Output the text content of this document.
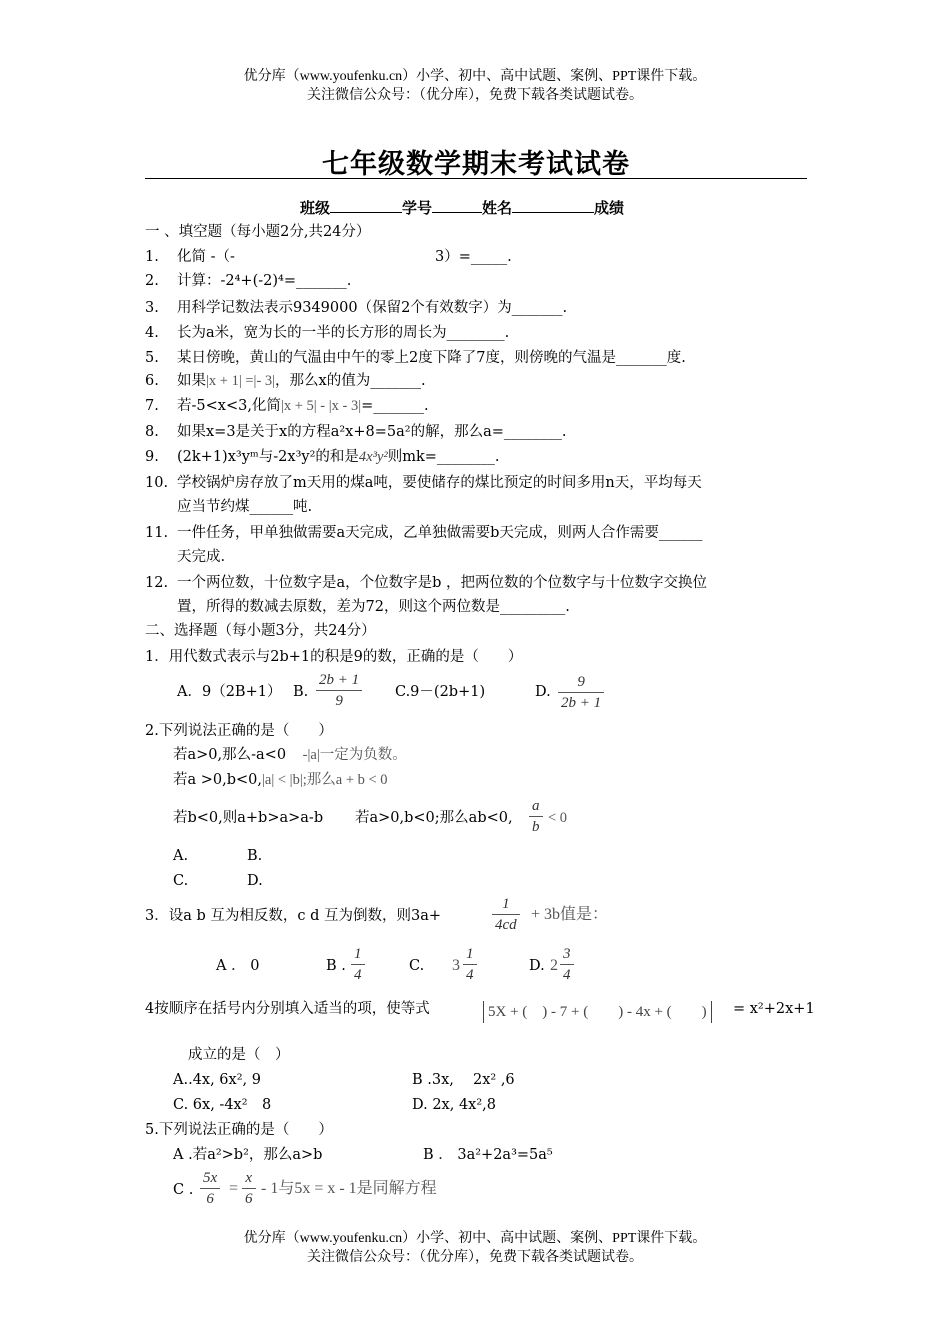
优分库（www.youfenku.cn）小学、初中、高中试题、案例、PPT课件下载。
关注微信公众号：（优分库），免费下载各类试题试卷。
七年级数学期末考试试卷
班级	学号	姓名	成绩
一 、填空题（每小题2分,共24分）
1. 化简 -（-	3）=_____.
2. 计算：-2⁴+(-2)⁴=_______.
3. 用科学记数法表示9349000（保留2个有效数字）为_______.
4. 长为a米，宽为长的一半的长方形的周长为________.
5. 某日傍晚，黄山的气温由中午的零上2度下降了7度，则傍晚的气温是_______度.
6. 如果|x + 1| =|- 3|，那么x的值为_______.
7. 若-5<x<3,化简|x + 5| - |x - 3|=_______.
8. 如果x=3是关于x的方程a²x+8=5a²的解，那么a=________.
9. (2k+1)x³yᵐ与-2x³y²的和是4x³y²则mk=________.
10. 学校锅炉房存放了m天用的煤a吨，要使储存的煤比预定的时间多用n天，平均每天
应当节约煤______吨.
11. 一件任务，甲单独做需要a天完成，乙单独做需要b天完成，则两人合作需要______
天完成.
12. 一个两位数，十位数字是a，个位数字是b ，把两位数的个位数字与十位数字交换位
置，所得的数减去原数，差为72，则这个两位数是_________.
二、选择题（每小题3分，共24分）
1．用代数式表示与2b+1的积是9的数，正确的是（　　）
A．9（2B+1） B. $\frac{2b + 1}{9} C.9-(2b+1)$	D. $\frac{9}{2b + 1}$
2.下列说法正确的是（　　）
若a>0,那么-a<0 -|a|一定为负数。
若a >0,b<0,|a| < |b|;那么a + b < 0
若b<0,则a+b>a>a-b 若a>0,b<0;那么ab<0, $\frac{a}{b} < 0$
A.	B.
C.	D.
3．设a b 互为相反数，c d 互为倒数，则3a+	$\frac{1}{4cd} + 3b$值是：
A ． 0	B . $\frac{1}{4}$	C. $3 \frac{1}{4}$	D. $2 \frac{3}{4}$
4按顺序在括号内分别填入适当的项，使等式	5X + (　) - 7 + (　　) - 4x + (　　)	= x²+2x+1
成立的是（　）
A..4x, 6x², 9	B .3x,　 2x² ,6
C. 6x, -4x²　8	D. 2x, 4x²,8
5.下列说法正确的是（　　）
A .若a²>b²，那么a>b	B ． 3a²+2a³=5a⁵
C . $\frac{5x}{6} = \frac{x}{6} - 1$与5x = x - 1是同解方程
优分库（www.youfenku.cn）小学、初中、高中试题、案例、PPT课件下载。
关注微信公众号：（优分库），免费下载各类试题试卷。
